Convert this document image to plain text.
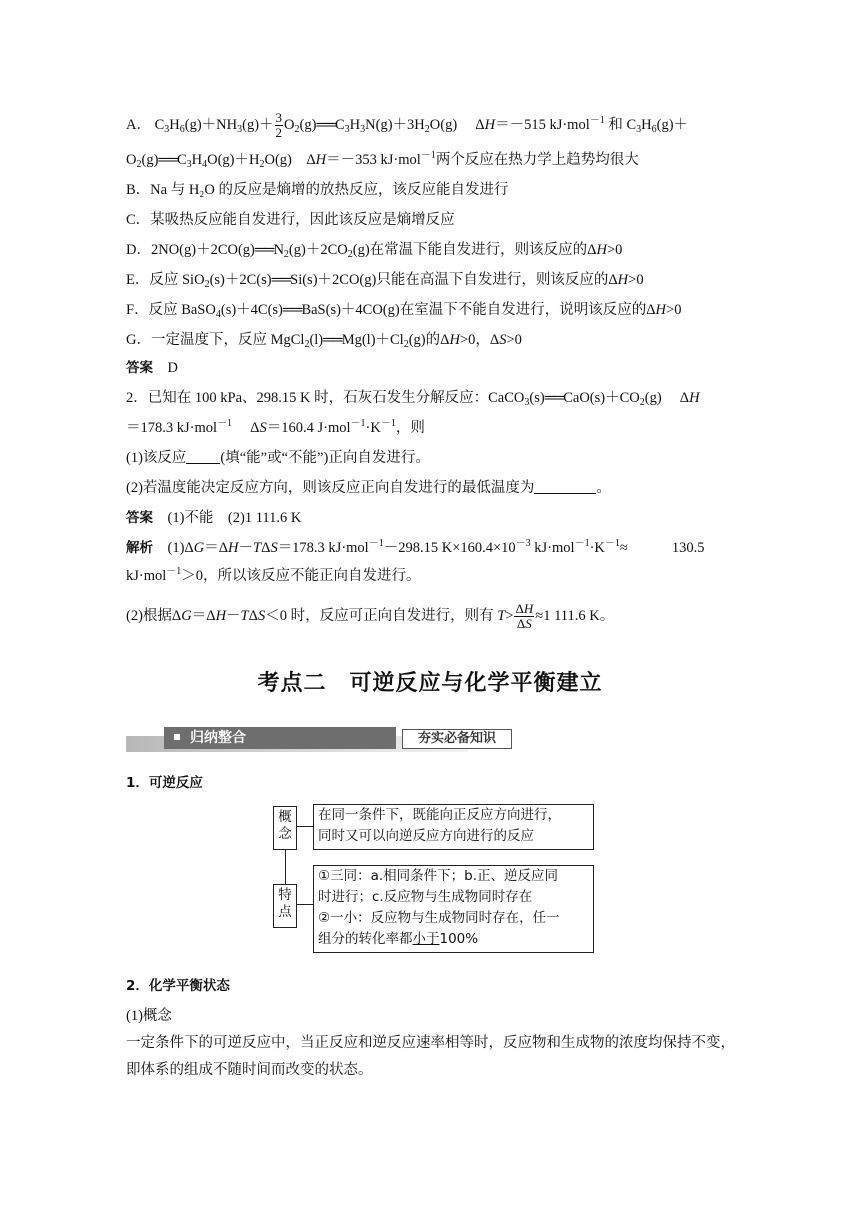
A． $C_3H_6(g)+NH_3(g)+ \frac{3}{2}$ $O_2(g)══C_3H_3N(g)+3H_2O(g)$　 ΔH＝－515 kJ·mol$^{-1}$ 和 $C_3H_6(g)+$
$O_2(g)══C_3H_4O(g)+H_2O(g)$　ΔH＝－353 kJ·mol$^{-1}$两个反应在热力学上趋势均很大
B．Na 与 H₂O 的反应是熵增的放热反应，该反应能自发进行
C．某吸热反应能自发进行，因此该反应是熵增反应
D．$2NO(g)+2CO(g)══N_2(g)+2CO_2(g)$在常温下能自发进行，则该反应的ΔH>0
E．反应 SiO$_2$(s)＋2C(s)══Si(s)＋2CO(g)只能在高温下自发进行，则该反应的ΔH>0
F．反应 BaSO$_4$(s)＋4C(s)══BaS(s)＋4CO(g)在室温下不能自发进行，说明该反应的ΔH>0
G．一定温度下，反应 $MgCl_2(l)══Mg(l)+Cl_2(g)$的ΔH>0，ΔS>0
答案　 D
2．已知在 100 kPa、298.15 K 时，石灰石发生分解反应：$CaCO_3(s)══CaO(s)+CO_2(g)$　 ΔH
＝178.3 kJ·mol$^{-1}$　 ΔS＝160.4 $J\cdot mol^{-1}\cdot K^{-1}$，则
(1)该反应 (填“能”或“不能”)正向自发进行。
(2)若温度能决定反应方向，则该反应正向自发进行的最低温度为	。
答案　 (1)不能　(2)1 111.6 K
解析　(1)ΔG＝ΔH－TΔS＝178.3 kJ·mol$^{-1}$－298.15 $K\times 160.4\times 10^{-3}$ $kJ\cdot mol^{-1}\cdot K^{-1}\approx$	130.5
kJ·mol$^{-1}$＞0，所以该反应不能正向自发进行。
(2)根据ΔG＝ΔH－TΔS＜0 时，反应可正向自发进行，则有 $T> \frac{\Delta H}{\Delta S} \approx 1$ 111.6 K。
考点二　可逆反应与化学平衡建立
归纳整合	夯实必备知识
1．可逆反应
概念
在同一条件下，既能向正反应方向进行，
同时又可以向逆反应方向进行的反应
特点
①三同：a.相同条件下；b.正、逆反应同
时进行；c.反应物与生成物同时存在
②一小：反应物与生成物同时存在，任一
组分的转化率都小于100%
2．化学平衡状态
(1)概念
一定条件下的可逆反应中，当正反应和逆反应速率相等时，反应物和生成物的浓度均保持不变，即体系的组成不随时间而改变的状态。
